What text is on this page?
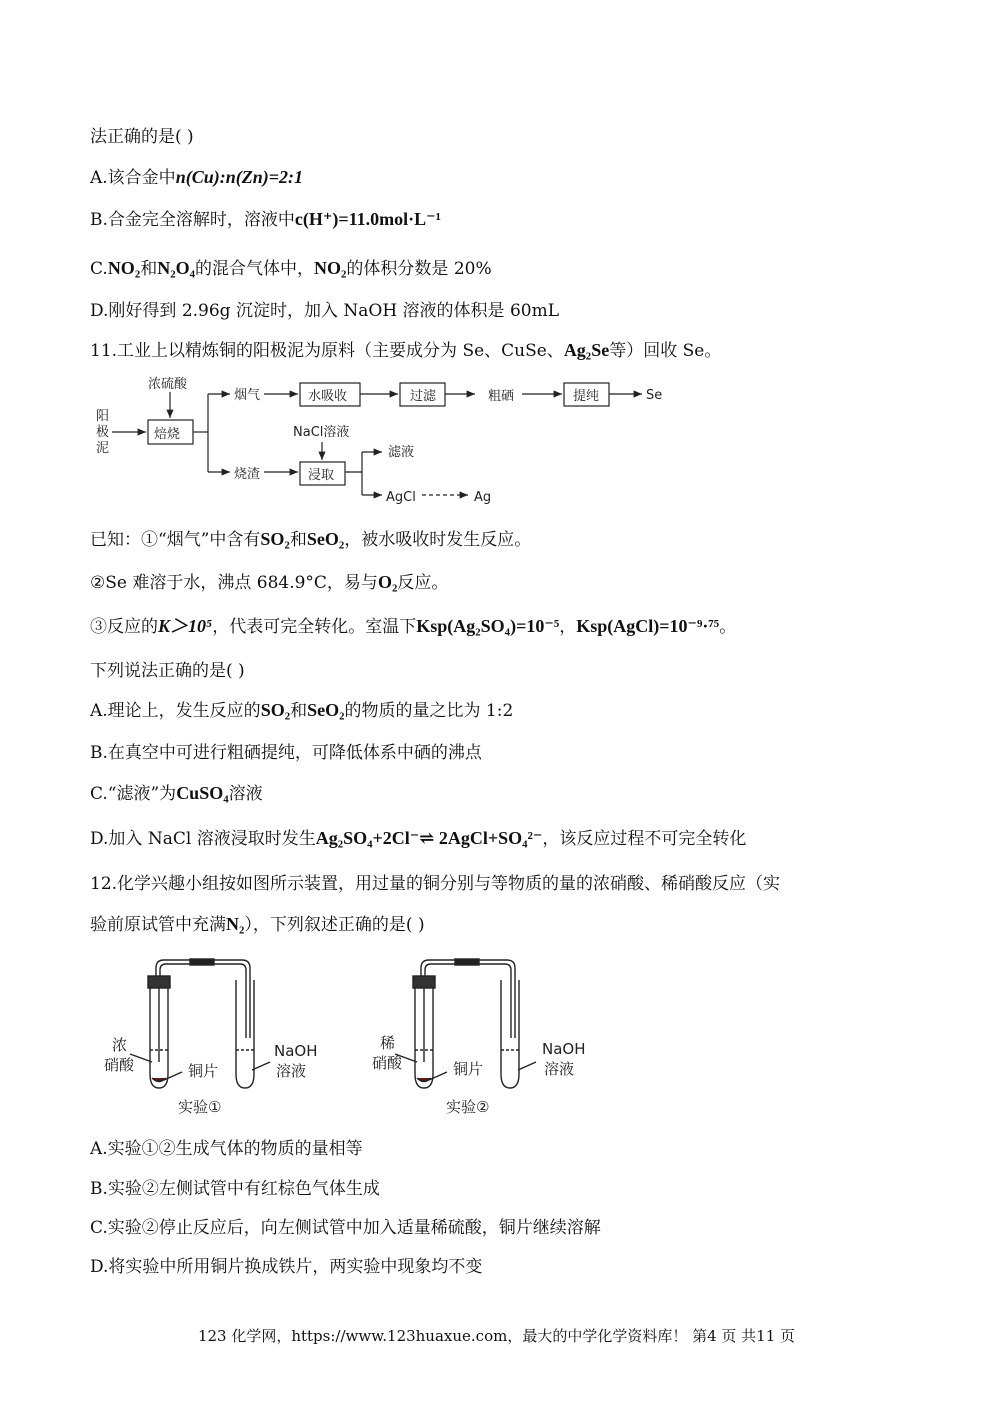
法正确的是( )
A.该合金中n(Cu):n(Zn)=2:1
B.合金完全溶解时，溶液中c(H⁺)=11.0mol·L⁻¹
C.NO₂和N₂O₄的混合气体中，NO₂的体积分数是 20%
D.刚好得到 2.96g 沉淀时，加入 NaOH 溶液的体积是 60mL
11.工业上以精炼铜的阳极泥为原料（主要成分为 Se、CuSe、Ag₂Se等）回收 Se。
阳
极
泥
浓硫酸
焙烧
烟气	水吸收	过滤	粗硒
NaCl溶液
烧渣	浸取
滤液
AgCl	Ag
提纯	Se
已知：①“烟气”中含有SO₂和SeO₂，被水吸收时发生反应。
②Se 难溶于水，沸点 684.9°C，易与O₂反应。
③反应的K＞10⁵，代表可完全转化。室温下Ksp(Ag₂SO₄)=10⁻⁵，Ksp(AgCl)=10⁻⁹·⁷⁵。
下列说法正确的是( )
A.理论上，发生反应的SO₂和SeO₂的物质的量之比为 1:2
B.在真空中可进行粗硒提纯，可降低体系中硒的沸点
C.“滤液”为CuSO₄溶液
D.加入 NaCl 溶液浸取时发生Ag₂SO₄+2Cl⁻⇌ 2AgCl+SO₄²⁻，该反应过程不可完全转化
12.化学兴趣小组按如图所示装置，用过量的铜分别与等物质的量的浓硝酸、稀硝酸反应（实
验前原试管中充满N₂），下列叙述正确的是( )
浓
硝酸	铜片
NaOH
溶液
实验①
稀
硝酸	铜片
NaOH
溶液
实验②
A.实验①②生成气体的物质的量相等
B.实验②左侧试管中有红棕色气体生成
C.实验②停止反应后，向左侧试管中加入适量稀硫酸，铜片继续溶解
D.将实验中所用铜片换成铁片，两实验中现象均不变
123 化学网，https://www.123huaxue.com，最大的中学化学资料库！ 第4 页 共11 页
